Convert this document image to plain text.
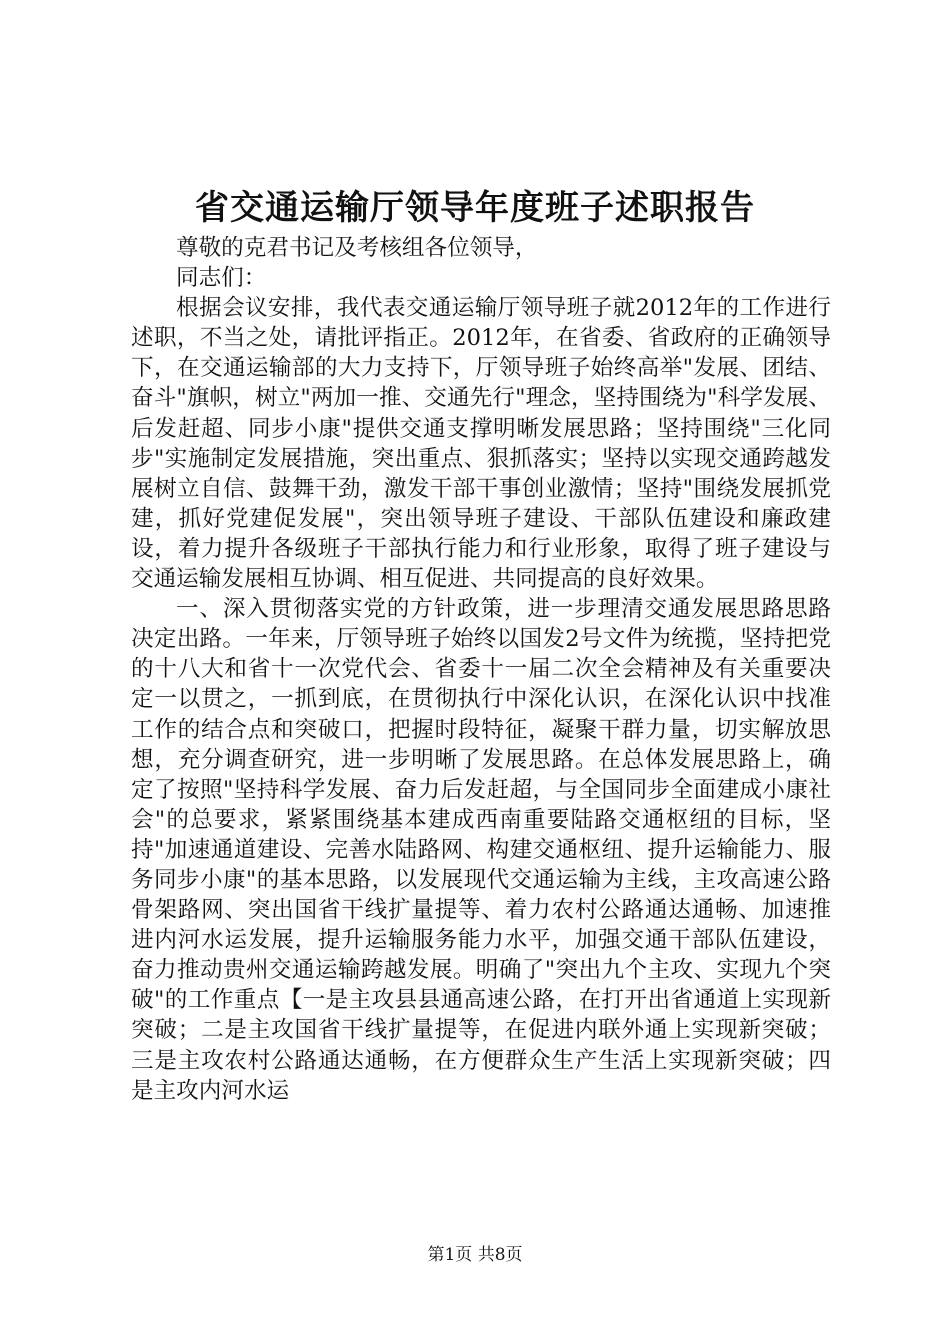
省交通运输厅领导年度班子述职报告

尊敬的克君书记及考核组各位领导，

同志们：

根据会议安排，我代表交通运输厅领导班子就2012年的工作进行述职，不当之处，请批评指正。2012年，在省委、省政府的正确领导下，在交通运输部的大力支持下，厅领导班子始终高举"发展、团结、奋斗"旗帜，树立"两加一推、交通先行"理念，坚持围绕为"科学发展、后发赶超、同步小康"提供交通支撑明晰发展思路；坚持围绕"三化同步"实施制定发展措施，突出重点、狠抓落实；坚持以实现交通跨越发展树立自信、鼓舞干劲，激发干部干事创业激情；坚持"围绕发展抓党建，抓好党建促发展"，突出领导班子建设、干部队伍建设和廉政建设，着力提升各级班子干部执行能力和行业形象，取得了班子建设与交通运输发展相互协调、相互促进、共同提高的良好效果。

一、深入贯彻落实党的方针政策，进一步理清交通发展思路思路决定出路。一年来，厅领导班子始终以国发2号文件为统揽，坚持把党的十八大和省十一次党代会、省委十一届二次全会精神及有关重要决定一以贯之，一抓到底，在贯彻执行中深化认识，在深化认识中找准工作的结合点和突破口，把握时段特征，凝聚干群力量，切实解放思想，充分调查研究，进一步明晰了发展思路。在总体发展思路上，确定了按照"坚持科学发展、奋力后发赶超，与全国同步全面建成小康社会"的总要求，紧紧围绕基本建成西南重要陆路交通枢纽的目标，坚持"加速通道建设、完善水陆路网、构建交通枢纽、提升运输能力、服务同步小康"的基本思路，以发展现代交通运输为主线，主攻高速公路骨架路网、突出国省干线扩量提等、着力农村公路通达通畅、加速推进内河水运发展，提升运输服务能力水平，加强交通干部队伍建设，奋力推动贵州交通运输跨越发展。明确了"突出九个主攻、实现九个突破"的工作重点【一是主攻县县通高速公路，在打开出省通道上实现新突破；二是主攻国省干线扩量提等，在促进内联外通上实现新突破；三是主攻农村公路通达通畅，在方便群众生产生活上实现新突破；四是主攻内河水运

第1页 共8页
